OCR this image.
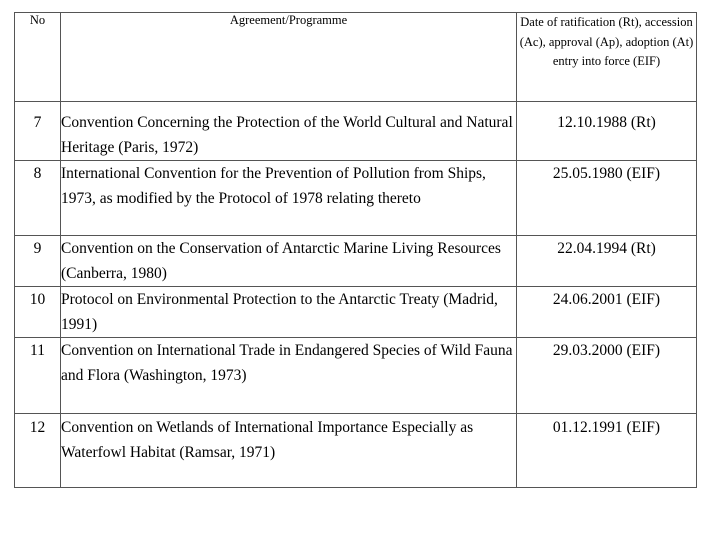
No	Agreement/Programme	Date of ratification (Rt), accession (Ac), approval (Ap), adoption (At) entry into force (EIF)

7	Convention Concerning the Protection of the World Cultural and Natural Heritage (Paris, 1972)	12.10.1988 (Rt)

8	International Convention for the Prevention of Pollution from Ships, 1973, as modified by the Protocol of 1978 relating thereto	25.05.1980 (EIF)

9	Convention on the Conservation of Antarctic Marine Living Resources (Canberra, 1980)	22.04.1994 (Rt)

10	Protocol on Environmental Protection to the Antarctic Treaty (Madrid, 1991)	24.06.2001 (EIF)

11	Convention on International Trade in Endangered Species of Wild Fauna and Flora (Washington, 1973)	29.03.2000 (EIF)

12	Convention on Wetlands of International Importance Especially as Waterfowl Habitat (Ramsar, 1971)	01.12.1991 (EIF)
